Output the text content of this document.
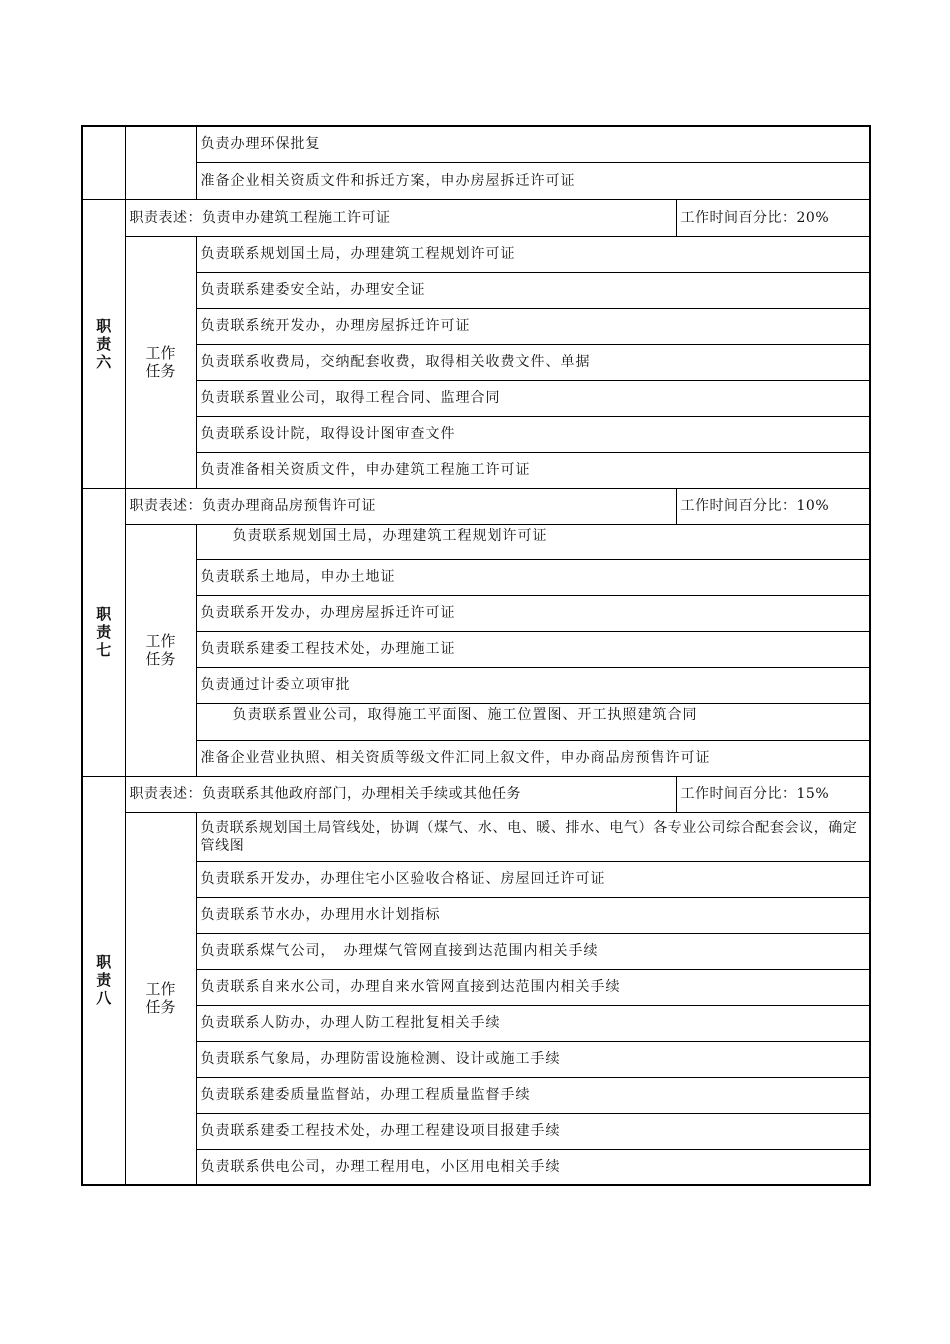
		负责办理环保批复	
		准备企业相关资质文件和拆迁方案，申办房屋拆迁许可证	
职
责
六	职责表述：负责申办建筑工程施工许可证		工作时间百分比：20%
	工作
任务	负责联系规划国土局，办理建筑工程规划许可证	
		负责联系建委安全站，办理安全证	
		负责联系统开发办，办理房屋拆迁许可证	
		负责联系收费局，交纳配套收费，取得相关收费文件、单据	
		负责联系置业公司，取得工程合同、监理合同	
		负责联系设计院，取得设计图审查文件	
		负责准备相关资质文件，申办建筑工程施工许可证	
职
责
七	职责表述：负责办理商品房预售许可证		工作时间百分比：10%
	工作
任务	负责联系规划国土局，办理建筑工程规划许可证	
		负责联系土地局，申办土地证	
		负责联系开发办，办理房屋拆迁许可证	
		负责联系建委工程技术处，办理施工证	
		负责通过计委立项审批	
		负责联系置业公司，取得施工平面图、施工位置图、开工执照建筑合同	
		准备企业营业执照、相关资质等级文件汇同上叙文件，申办商品房预售许可证	
职
责
八	职责表述：负责联系其他政府部门，办理相关手续或其他任务		工作时间百分比：15%
	工作
任务	负责联系规划国土局管线处，协调（煤气、水、电、暖、排水、电气）各专业公司综合配套会议，确定管线图	
		负责联系开发办，办理住宅小区验收合格证、房屋回迁许可证	
		负责联系节水办，办理用水计划指标	
		负责联系煤气公司，　办理煤气管网直接到达范围内相关手续	
		负责联系自来水公司，办理自来水管网直接到达范围内相关手续	
		负责联系人防办，办理人防工程批复相关手续	
		负责联系气象局，办理防雷设施检测、设计或施工手续	
		负责联系建委质量监督站，办理工程质量监督手续	
		负责联系建委工程技术处，办理工程建设项目报建手续	
		负责联系供电公司，办理工程用电，小区用电相关手续	
